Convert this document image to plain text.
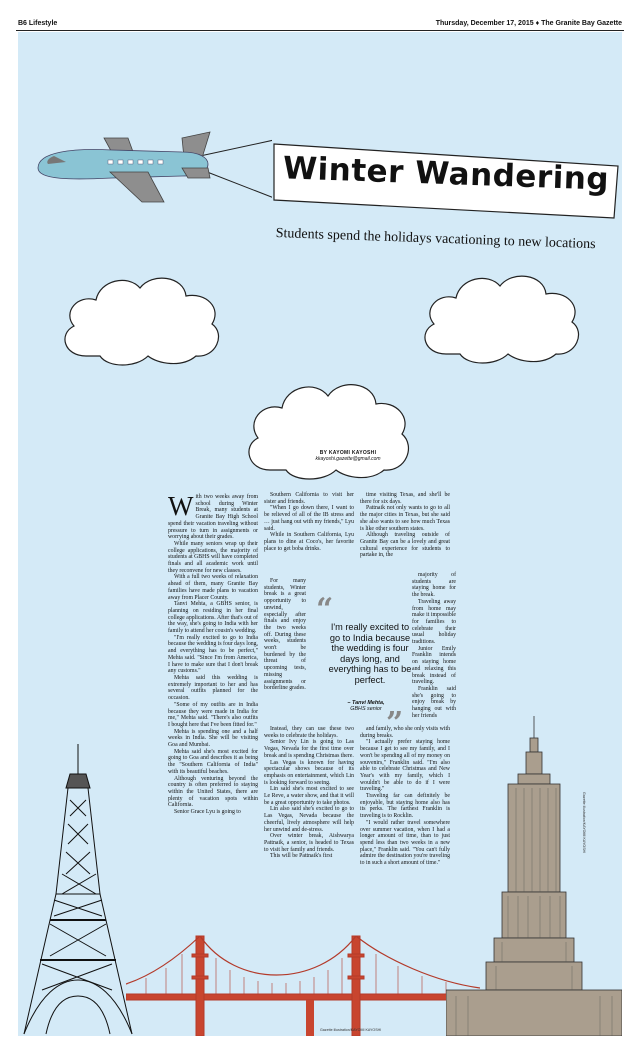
B6 Lifestyle	Thursday, December 17, 2015 ♦ The Granite Bay Gazette
Winter Wandering
Students spend the holidays vacationing to new locations
BY KAYOMI KAYOSHI
kkayoshi.gazette@gmail.com

With two weeks away from school during Winter Break, many students at Granite Bay High School spend their vacation traveling without pressure to turn in assignments or worrying about their grades.

While many seniors wrap up their college applications, the majority of students at GBHS will have completed finals and all academic work until they reconvene for new classes.

With a full two weeks of relaxation ahead of them, many Granite Bay families have made plans to vacation away from Placer County.

Tanvi Mehta, a GBHS senior, is planning on residing in her final college applications. After that's out of the way, she's going to India with her family to attend her cousin's wedding.

"I'm really excited to go to India because the wedding is four days long, and everything has to be perfect," Mehta said. "Since I'm from America, I have to make sure that I don't break any customs."

Mehta said this wedding is extremely important to her and has several outfits planned for the occasion.

"Some of my outfits are in India because they were made in India for me," Mehta said. "There's also outfits I bought here that I've been fitted for."

Mehta is spending one and a half weeks in India. She will be visiting Goa and Mumbai.

Mehta said she's most excited for going to Goa and describes it as being the "Southern California of India" with its beautiful beaches.

Although venturing beyond the country is often preferred to staying within the United States, there are plenty of vacation spots within California.

Senior Grace Lyu is going to

Southern California to visit her sister and friends.

"When I go down there, I want to be relieved of all of the IB stress and … just hang out with my friends," Lyu said.

While in Southern California, Lyu plans to dine at Coco's, her favorite place to get boba drinks.

For many students, Winter break is a great opportunity to unwind, especially after finals and enjoy the two weeks off. During these weeks, students won't be burdened by the threat of upcoming tests, missing assignments or borderline grades.

Instead, they can use these two weeks to celebrate the holidays.

Senior Ivy Lin is going to Las Vegas, Nevada for the first time over break and is spending Christmas there.

Las Vegas is known for having spectacular shows because of its emphasis on entertainment, which Lin is looking forward to seeing.

Lin said she's most excited to see Le Reve, a water show, and that it will be a great opportunity to take photos.

Lin also said she's excited to go to Las Vegas, Nevada because the cheerful, lively atmosphere will help her unwind and de-stress.

Over winter break, Aishwarya Pattnaik, a senior, is headed to Texas to visit her family and friends.

This will be Pattnaik's first

time visiting Texas, and she'll be there for six days.

Pattnaik not only wants to go to all the major cities in Texas, but she said she also wants to see how much Texas is like other southern states.

Although traveling outside of Granite Bay can be a lovely and great cultural experience for students to partake in, the

majority of students are staying home for the break.

Traveling away from home may make it impossible for families to celebrate their usual holiday traditions.

Junior Emily Franklin intends on staying home and relaxing this break instead of traveling.

Franklin said she's going to enjoy break by hanging out with her friends

and family, who she only visits with during breaks.

"I actually prefer staying home because I get to see my family, and I won't be spending all of my money on souvenirs," Franklin said. "I'm also able to celebrate Christmas and New Year's with my family, which I wouldn't be able to do if I were traveling."

Traveling far can definitely be enjoyable, but staying home also has its perks. The farthest Franklin is traveling is to Rocklin.

"I would rather travel somewhere over summer vacation, when I had a longer amount of time, than to just spend less than two weeks in a new place," Franklin said. "You can't fully admire the destination you're traveling to in such a short amount of time."

“
I'm really excited to go to India because the wedding is four days long, and everything has to be perfect.
– Tanvi Mehta,
GBHS senior ”
Gazette illustration/KAYOMI KAYOSHI
Gazette illustration/KAYOMI KAYOSHI
